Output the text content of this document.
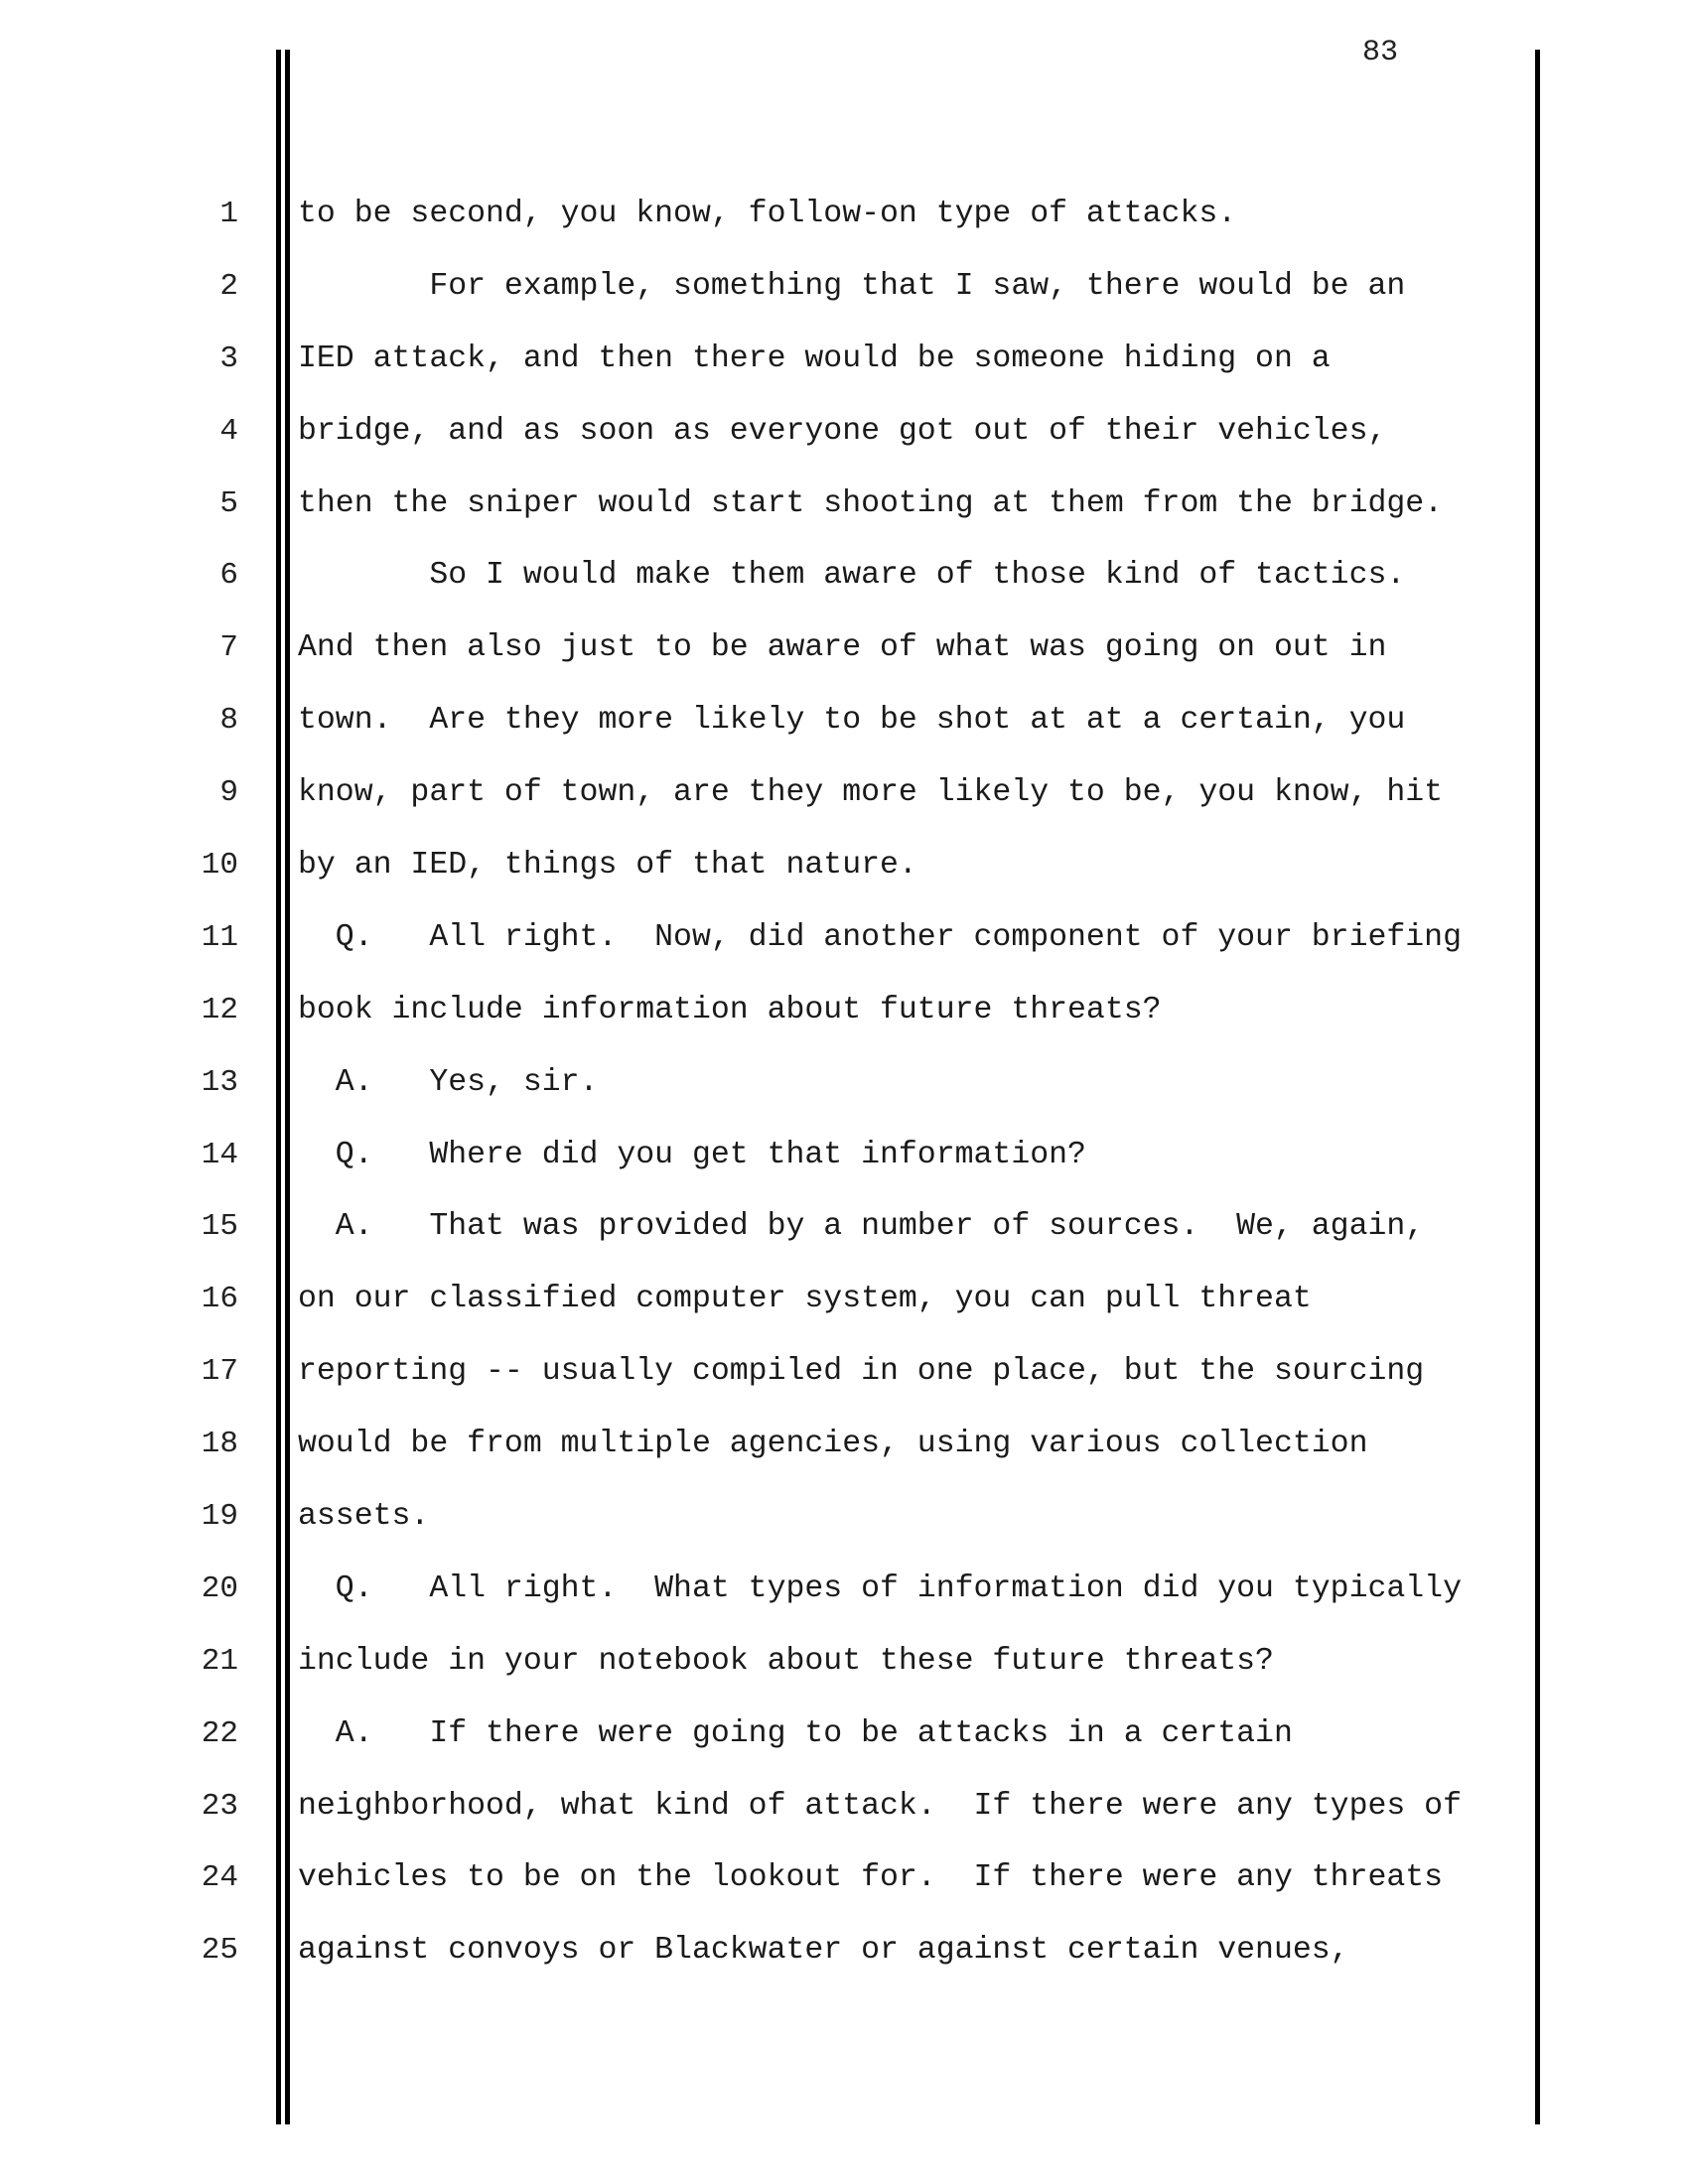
83
1 to be second, you know, follow-on type of attacks.
2 For example, something that I saw, there would be an
3 IED attack, and then there would be someone hiding on a
4 bridge, and as soon as everyone got out of their vehicles,
5 then the sniper would start shooting at them from the bridge.
6 So I would make them aware of those kind of tactics.
7 And then also just to be aware of what was going on out in
8 town.  Are they more likely to be shot at at a certain, you
9 know, part of town, are they more likely to be, you know, hit
10 by an IED, things of that nature.
11 Q.   All right.  Now, did another component of your briefing
12 book include information about future threats?
13 A.   Yes, sir.
14 Q.   Where did you get that information?
15 A.   That was provided by a number of sources.  We, again,
16 on our classified computer system, you can pull threat
17 reporting -- usually compiled in one place, but the sourcing
18 would be from multiple agencies, using various collection
19 assets.
20 Q.   All right.  What types of information did you typically
21 include in your notebook about these future threats?
22 A.   If there were going to be attacks in a certain
23 neighborhood, what kind of attack.  If there were any types of
24 vehicles to be on the lookout for.  If there were any threats
25 against convoys or Blackwater or against certain venues,
